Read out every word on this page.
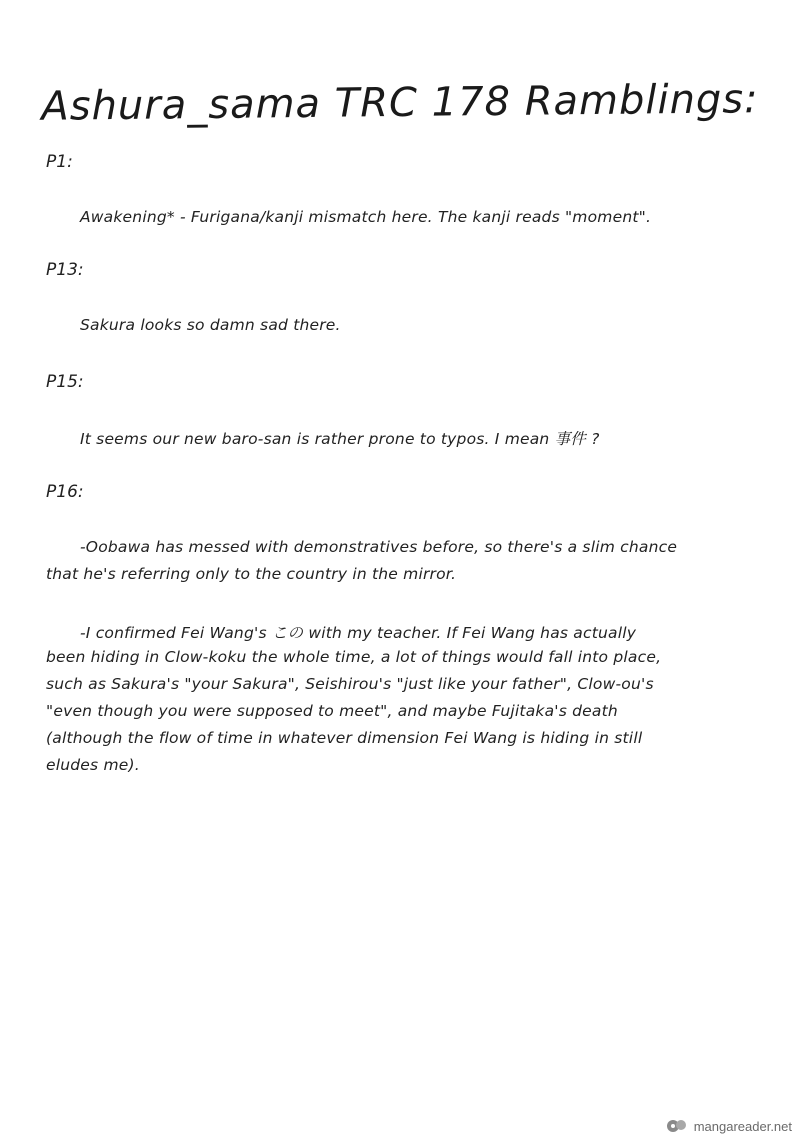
Ashura_sama TRC 178 Ramblings:
P1:
Awakening* - Furigana/kanji mismatch here. The kanji reads "moment".
P13:
Sakura looks so damn sad there.
P15:
It seems our new baro-san is rather prone to typos. I mean 事件 ?
P16:
-Oobawa has messed with demonstratives before, so there's a slim chance
that he's referring only to the country in the mirror.
-I confirmed Fei Wang's この with my teacher. If Fei Wang has actually
been hiding in Clow-koku the whole time, a lot of things would fall into place,
such as Sakura's "your Sakura", Seishirou's "just like your father", Clow-ou's
"even though you were supposed to meet", and maybe Fujitaka's death
(although the flow of time in whatever dimension Fei Wang is hiding in still
eludes me).
mangareader.net
